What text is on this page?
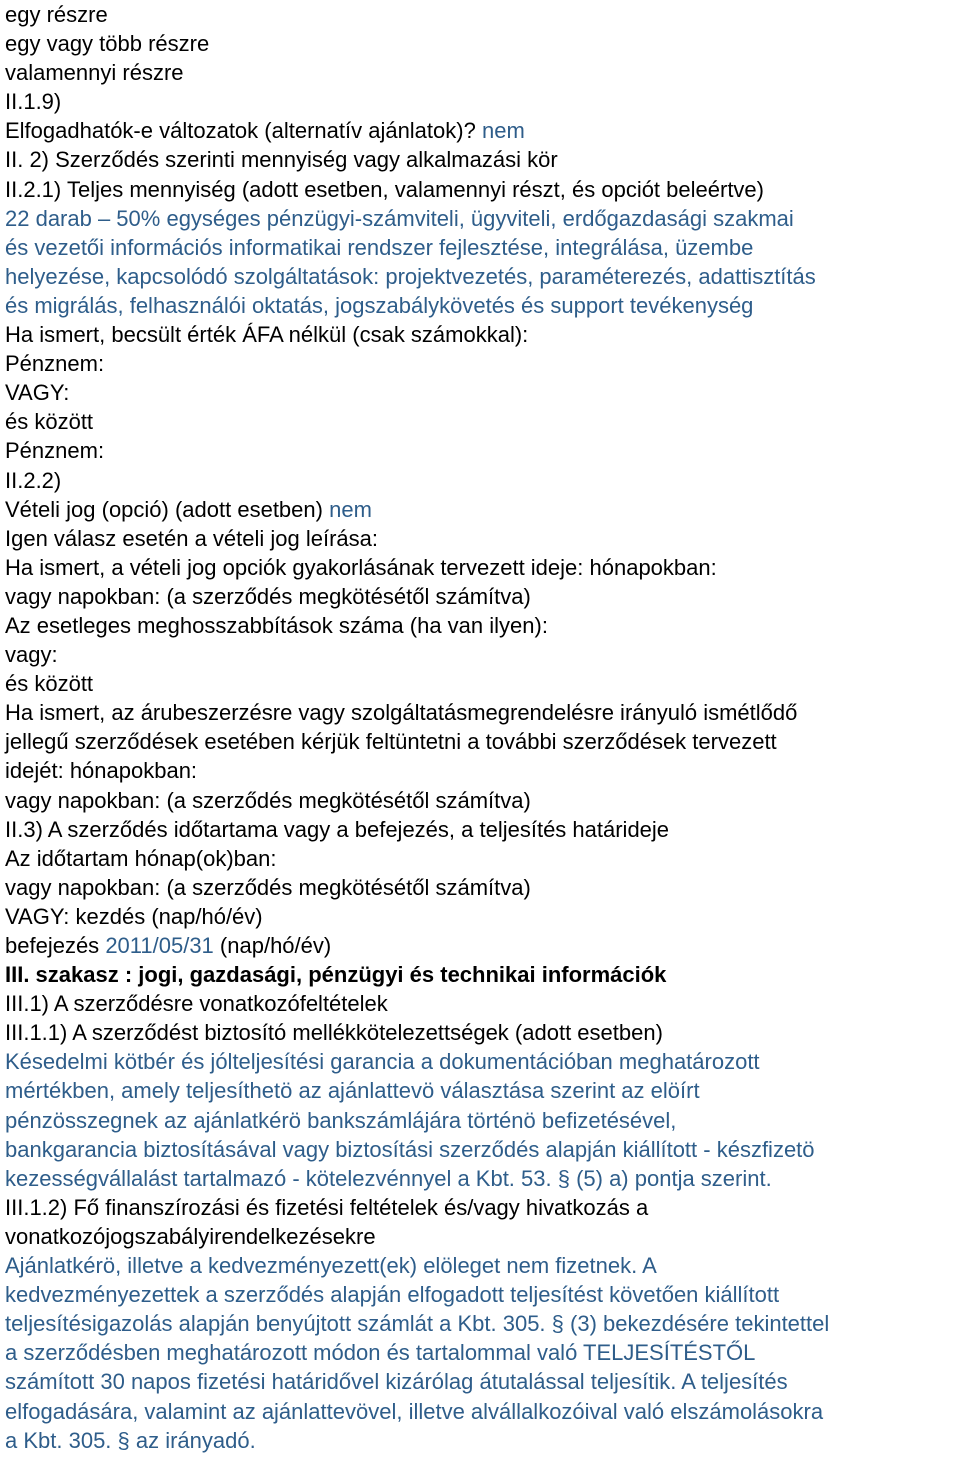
egy részre
egy vagy több részre
valamennyi részre
II.1.9)
Elfogadhatók-e változatok (alternatív ajánlatok)? nem
II. 2) Szerződés szerinti mennyiség vagy alkalmazási kör
II.2.1) Teljes mennyiség (adott esetben, valamennyi részt, és opciót beleértve)
22 darab – 50% egységes pénzügyi-számviteli, ügyviteli, erdőgazdasági szakmai
és vezetői információs informatikai rendszer fejlesztése, integrálása, üzembe
helyezése, kapcsolódó szolgáltatások: projektvezetés, paraméterezés, adattisztítás
és migrálás, felhasználói oktatás, jogszabálykövetés és support tevékenység
Ha ismert, becsült érték ÁFA nélkül (csak számokkal):
Pénznem:
VAGY:
és között
Pénznem:
II.2.2)
Vételi jog (opció) (adott esetben) nem
Igen válasz esetén a vételi jog leírása:
Ha ismert, a vételi jog opciók gyakorlásának tervezett ideje: hónapokban:
vagy napokban: (a szerződés megkötésétől számítva)
Az esetleges meghosszabbítások száma (ha van ilyen):
vagy:
és között
Ha ismert, az árubeszerzésre vagy szolgáltatásmegrendelésre irányuló ismétlődő
jellegű szerződések esetében kérjük feltüntetni a további szerződések tervezett
idejét: hónapokban:
vagy napokban: (a szerződés megkötésétől számítva)
II.3) A szerződés időtartama vagy a befejezés, a teljesítés határideje
Az időtartam hónap(ok)ban:
vagy napokban: (a szerződés megkötésétől számítva)
VAGY: kezdés (nap/hó/év)
befejezés 2011/05/31 (nap/hó/év)
III. szakasz : jogi, gazdasági, pénzügyi és technikai információk
III.1) A szerződésre vonatkozófeltételek
III.1.1) A szerződést biztosító mellékkötelezettségek (adott esetben)
Késedelmi kötbér és jólteljesítési garancia a dokumentációban meghatározott
mértékben, amely teljesíthetö az ajánlattevö választása szerint az elöírt
pénzösszegnek az ajánlatkérö bankszámlájára történö befizetésével,
bankgarancia biztosításával vagy biztosítási szerződés alapján kiállított - készfizetö
kezességvállalást tartalmazó - kötelezvénnyel a Kbt. 53. § (5) a) pontja szerint.
III.1.2) Fő finanszírozási és fizetési feltételek és/vagy hivatkozás a
vonatkozójogszabályirendelkezésekre
Ajánlatkérö, illetve a kedvezményezett(ek) elöleget nem fizetnek. A
kedvezményezettek a szerződés alapján elfogadott teljesítést követően kiállított
teljesítésigazolás alapján benyújtott számlát a Kbt. 305. § (3) bekezdésére tekintettel
a szerződésben meghatározott módon és tartalommal való TELJESÍTÉSTŐL
számított 30 napos fizetési határidővel kizárólag átutalással teljesítik. A teljesítés
elfogadására, valamint az ajánlattevövel, illetve alvállalkozóival való elszámolásokra
a Kbt. 305. § az irányadó.
